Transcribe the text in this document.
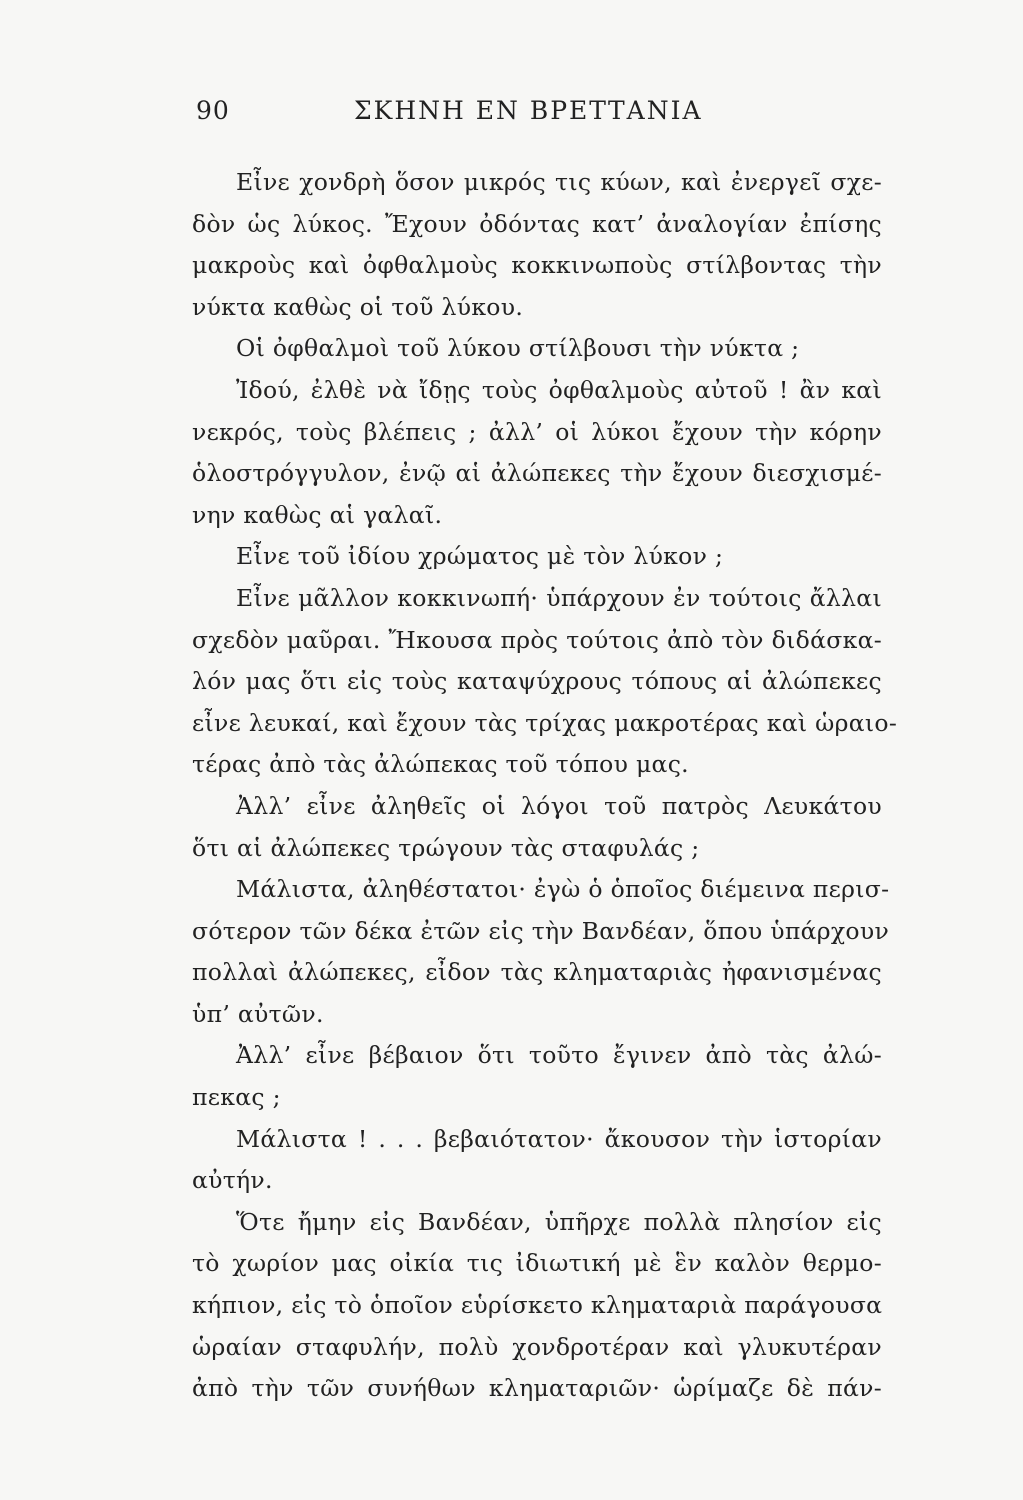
90	ΣΚΗΝΗ ΕΝ ΒΡΕΤΤΑΝΙΑ
Εἶνε χονδρὴ ὅσον μικρός τις κύων, καὶ ἐνεργεῖ σχε-
δὸν ὡς λύκος. Ἔχουν ὀδόντας κατ’ ἀναλογίαν ἐπίσης
μακροὺς καὶ ὀφθαλμοὺς κοκκινωποὺς στίλβοντας τὴν
νύκτα καθὼς οἱ τοῦ λύκου.
Οἱ ὀφθαλμοὶ τοῦ λύκου στίλβουσι τὴν νύκτα ;
Ἰδού, ἐλθὲ νὰ ἴδῃς τοὺς ὀφθαλμοὺς αὐτοῦ ! ἂν καὶ
νεκρός, τοὺς βλέπεις ; ἀλλ’ οἱ λύκοι ἔχουν τὴν κόρην
ὁλοστρόγγυλον, ἐνῷ αἱ ἀλώπεκες τὴν ἔχουν διεσχισμέ-
νην καθὼς αἱ γαλαῖ.
Εἶνε τοῦ ἰδίου χρώματος μὲ τὸν λύκον ;
Εἶνε μᾶλλον κοκκινωπή· ὑπάρχουν ἐν τούτοις ἄλλαι
σχεδὸν μαῦραι. Ἤκουσα πρὸς τούτοις ἀπὸ τὸν διδάσκα-
λόν μας ὅτι εἰς τοὺς καταψύχρους τόπους αἱ ἀλώπεκες
εἶνε λευκαί, καὶ ἔχουν τὰς τρίχας μακροτέρας καὶ ὡραιο-
τέρας ἀπὸ τὰς ἀλώπεκας τοῦ τόπου μας.
Ἀλλ’ εἶνε ἀληθεῖς οἱ λόγοι τοῦ πατρὸς Λευκάτου
ὅτι αἱ ἀλώπεκες τρώγουν τὰς σταφυλάς ;
Μάλιστα, ἀληθέστατοι· ἐγὼ ὁ ὁποῖος διέμεινα περισ-
σότερον τῶν δέκα ἐτῶν εἰς τὴν Βανδέαν, ὅπου ὑπάρχουν
πολλαὶ ἀλώπεκες, εἶδον τὰς κληματαριὰς ἠφανισμένας
ὑπ’ αὐτῶν.
Ἀλλ’ εἶνε βέβαιον ὅτι τοῦτο ἔγινεν ἀπὸ τὰς ἀλώ-
πεκας ;
Μάλιστα ! . . . βεβαιότατον· ἄκουσον τὴν ἱστορίαν
αὐτήν.
Ὅτε ἤμην εἰς Βανδέαν, ὑπῆρχε πολλὰ πλησίον εἰς
τὸ χωρίον μας οἰκία τις ἰδιωτική μὲ ἓν καλὸν θερμο-
κήπιον, εἰς τὸ ὁποῖον εὑρίσκετο κληματαριὰ παράγουσα
ὡραίαν σταφυλήν, πολὺ χονδροτέραν καὶ γλυκυτέραν
ἀπὸ τὴν τῶν συνήθων κληματαριῶν· ὡρίμαζε δὲ πάν-
